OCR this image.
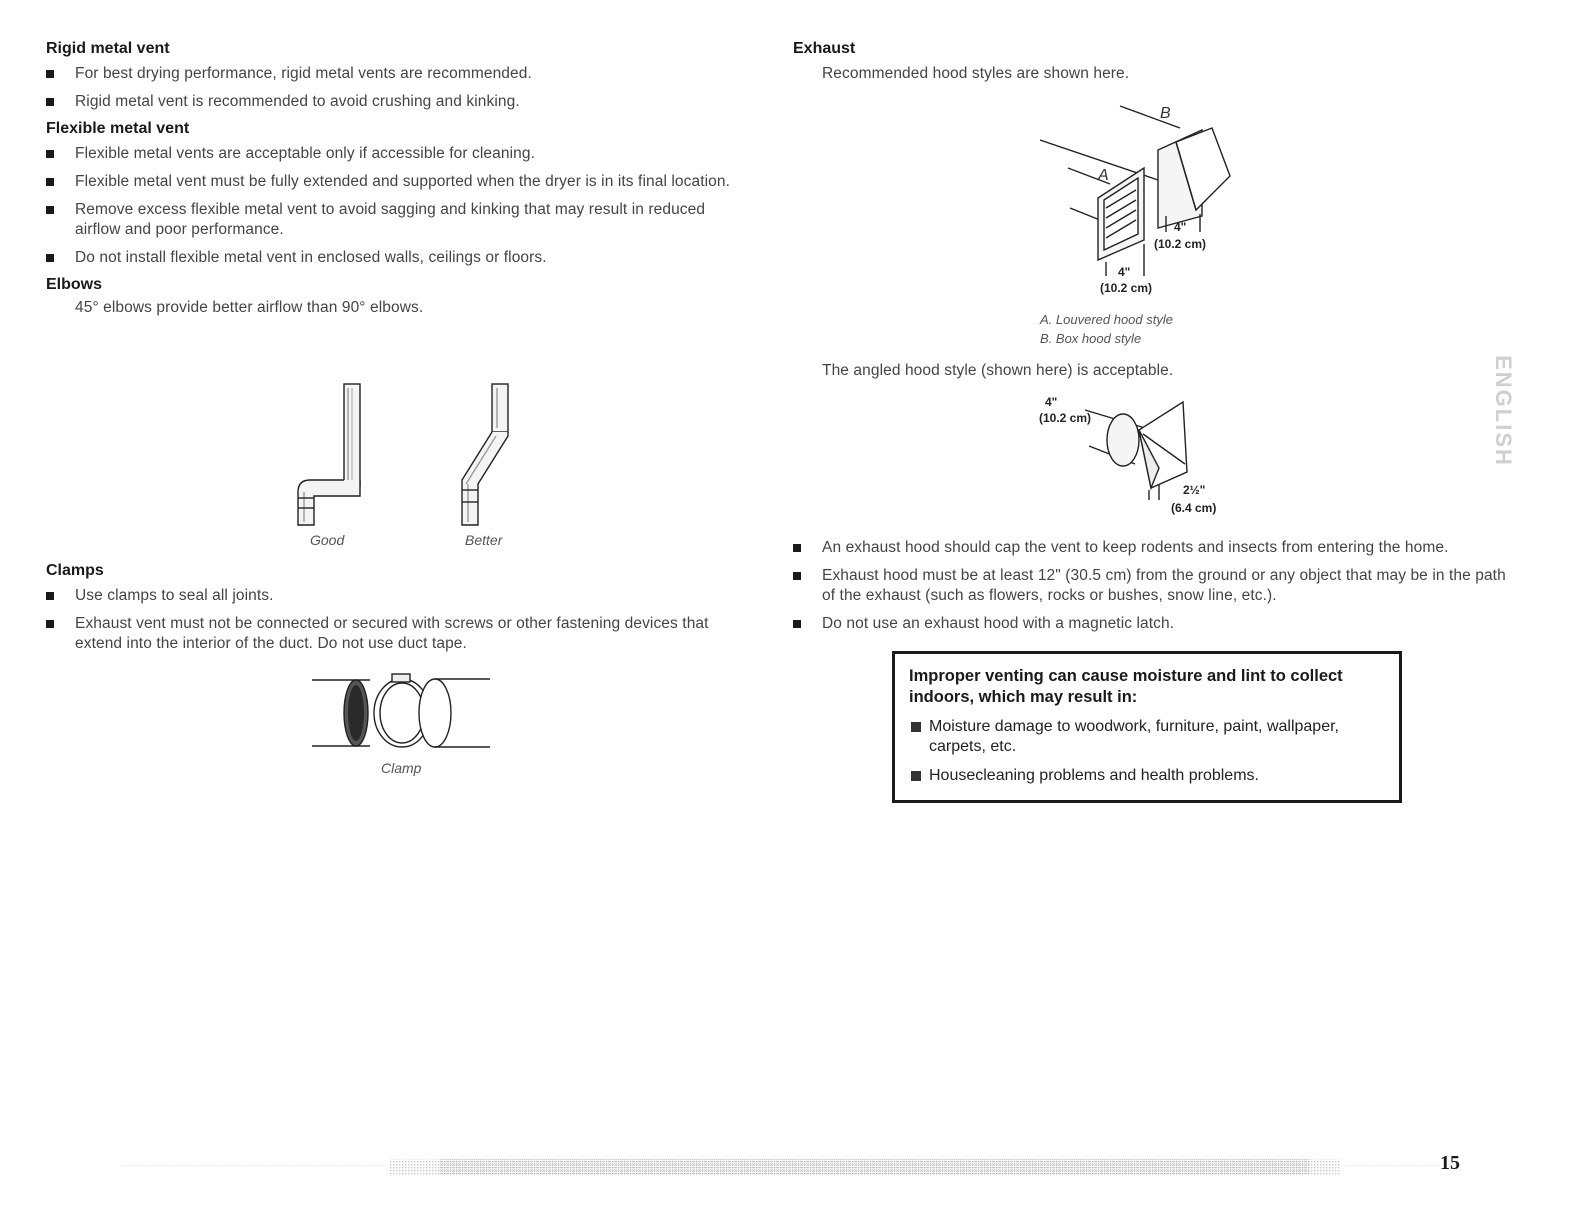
Rigid metal vent
For best drying performance, rigid metal vents are recommended.
Rigid metal vent is recommended to avoid crushing and kinking.
Flexible metal vent
Flexible metal vents are acceptable only if accessible for cleaning.
Flexible metal vent must be fully extended and supported when the dryer is in its final location.
Remove excess flexible metal vent to avoid sagging and kinking that may result in reduced airflow and poor performance.
Do not install flexible metal vent in enclosed walls, ceilings or floors.
Elbows
45° elbows provide better airflow than 90° elbows.
Good	Better
Clamps
Use clamps to seal all joints.
Exhaust vent must not be connected or secured with screws or other fastening devices that extend into the interior of the duct. Do not use duct tape.
Clamp
Exhaust
Recommended hood styles are shown here.
B
A
4"
(10.2 cm)
4"
(10.2 cm)
A. Louvered hood style
B. Box hood style
The angled hood style (shown here) is acceptable.
4"
(10.2 cm)
2½"
(6.4 cm)
An exhaust hood should cap the vent to keep rodents and insects from entering the home.
Exhaust hood must be at least 12" (30.5 cm) from the ground or any object that may be in the path of the exhaust (such as flowers, rocks or bushes, snow line, etc.).
Do not use an exhaust hood with a magnetic latch.
Improper venting can cause moisture and lint to collect indoors, which may result in:
Moisture damage to woodwork, furniture, paint, wallpaper, carpets, etc.
Housecleaning problems and health problems.
ENGLISH
15
